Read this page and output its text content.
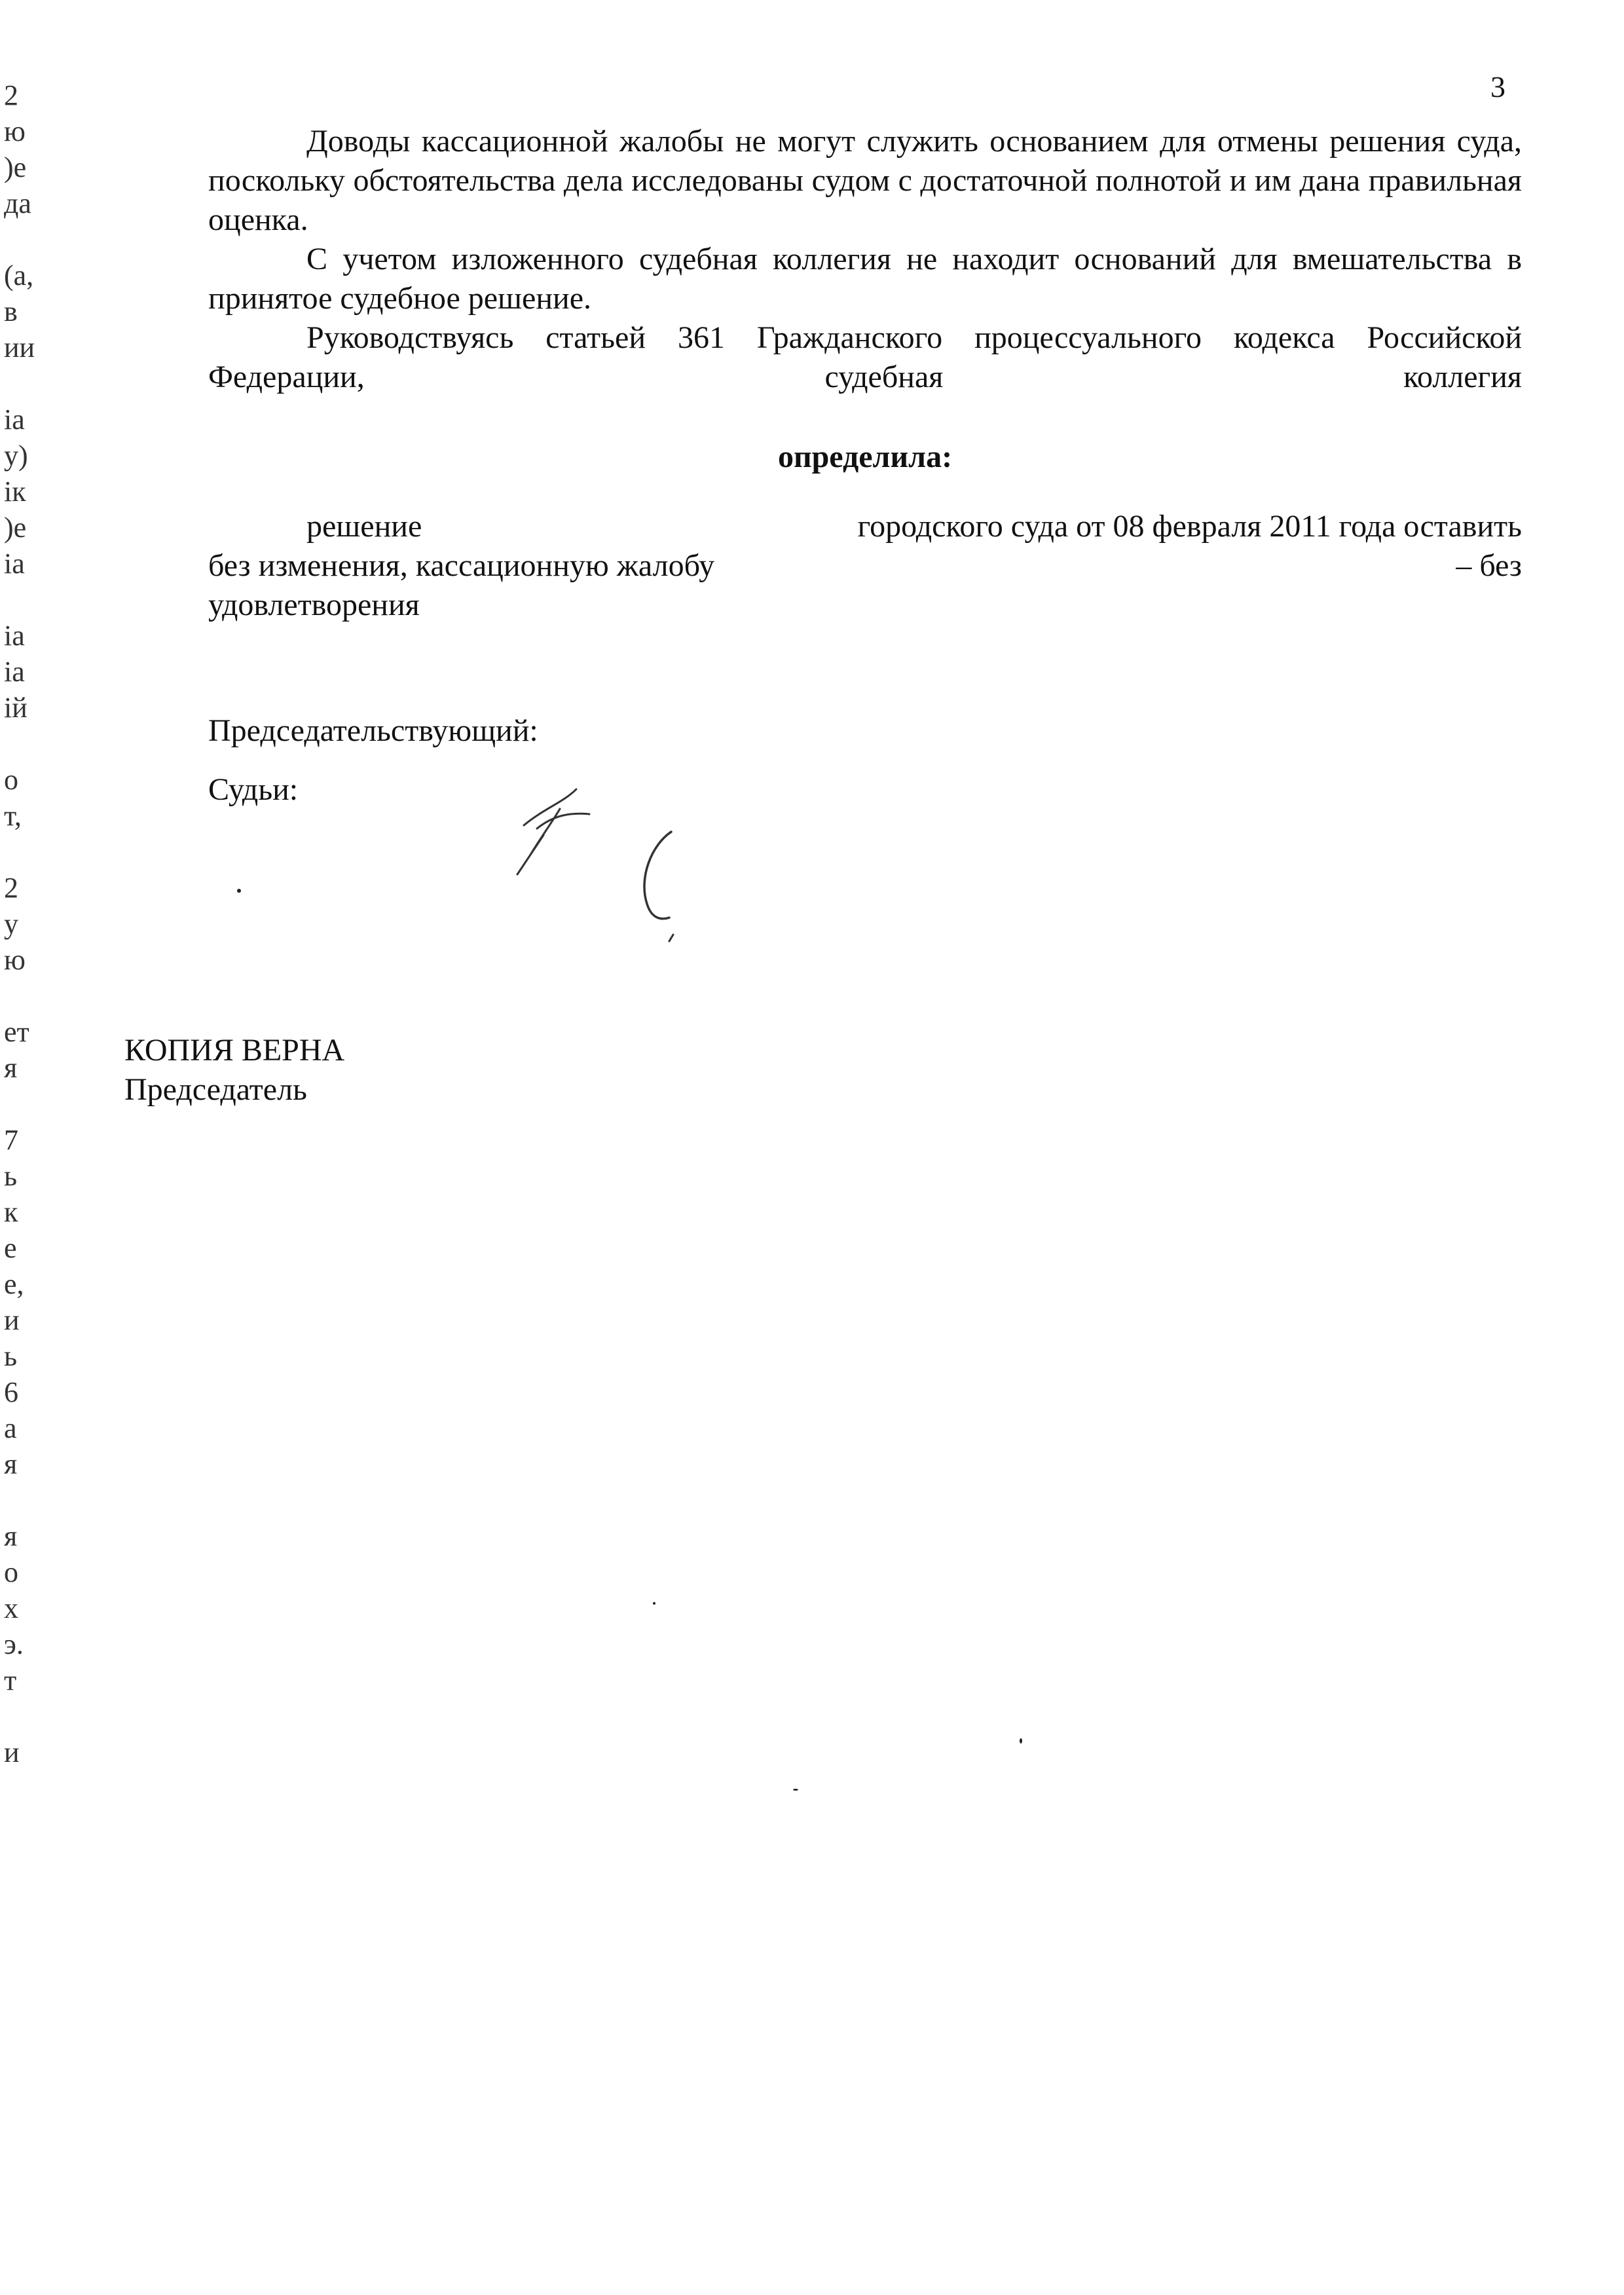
3
2
ю
)е
да
(а,
в
ии
ia
у)
ік
)е
іа
іа
іа
ій
о
т,
2
у
ю
ет
я
7
ь
к
е
е,
и
ь
6
а
я
я
о
х
э.
т
и

Доводы кассационной жалобы не могут служить основанием для отмены решения суда, поскольку обстоятельства дела исследованы судом с достаточной полнотой и им дана правильная оценка.

С учетом изложенного судебная коллегия не находит оснований для вмешательства в принятое судебное решение.

Руководствуясь статьей 361 Гражданского процессуального кодекса Российской Федерации, судебная коллегия

определила:
решение	городского суда от 08 февраля 2011 года оставить
без изменения, кассационную жалобу	– без
удовлетворения
Председательствующий:
Судьи:
КОПИЯ ВЕРНА
Председатель
